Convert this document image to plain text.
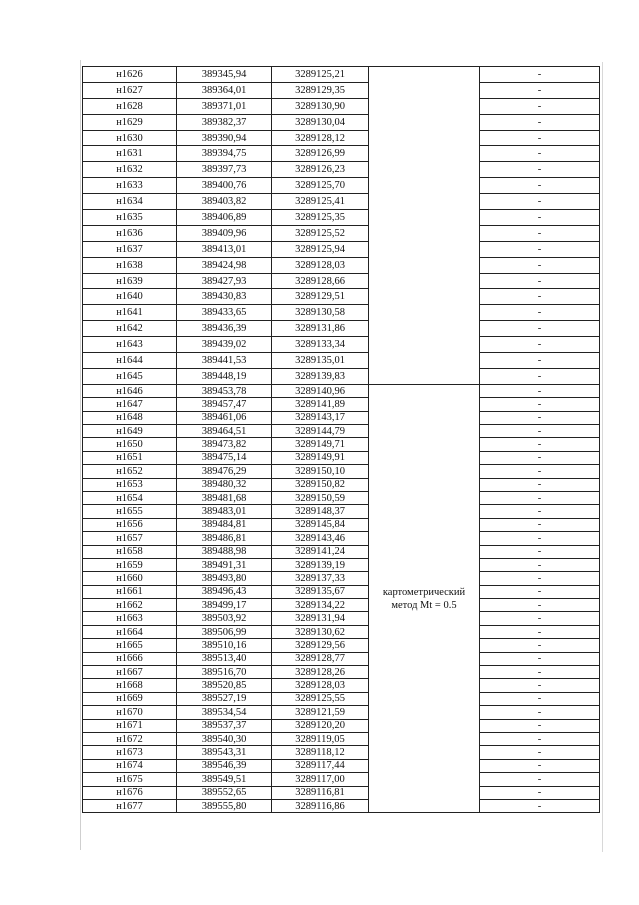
н1626	389345,94	3289125,21		-
н1627	389364,01	3289129,35		-
н1628	389371,01	3289130,90		-
н1629	389382,37	3289130,04		-
н1630	389390,94	3289128,12		-
н1631	389394,75	3289126,99		-
н1632	389397,73	3289126,23		-
н1633	389400,76	3289125,70		-
н1634	389403,82	3289125,41		-
н1635	389406,89	3289125,35		-
н1636	389409,96	3289125,52		-
н1637	389413,01	3289125,94		-
н1638	389424,98	3289128,03		-
н1639	389427,93	3289128,66		-
н1640	389430,83	3289129,51		-
н1641	389433,65	3289130,58		-
н1642	389436,39	3289131,86		-
н1643	389439,02	3289133,34		-
н1644	389441,53	3289135,01		-
н1645	389448,19	3289139,83		-
н1646	389453,78	3289140,96	картометрический
метод Mt = 0.5	-
н1647	389457,47	3289141,89		-
н1648	389461,06	3289143,17		-
н1649	389464,51	3289144,79		-
н1650	389473,82	3289149,71		-
н1651	389475,14	3289149,91		-
н1652	389476,29	3289150,10		-
н1653	389480,32	3289150,82		-
н1654	389481,68	3289150,59		-
н1655	389483,01	3289148,37		-
н1656	389484,81	3289145,84		-
н1657	389486,81	3289143,46		-
н1658	389488,98	3289141,24		-
н1659	389491,31	3289139,19		-
н1660	389493,80	3289137,33		-
н1661	389496,43	3289135,67		-
н1662	389499,17	3289134,22		-
н1663	389503,92	3289131,94		-
н1664	389506,99	3289130,62		-
н1665	389510,16	3289129,56		-
н1666	389513,40	3289128,77		-
н1667	389516,70	3289128,26		-
н1668	389520,85	3289128,03		-
н1669	389527,19	3289125,55		-
н1670	389534,54	3289121,59		-
н1671	389537,37	3289120,20		-
н1672	389540,30	3289119,05		-
н1673	389543,31	3289118,12		-
н1674	389546,39	3289117,44		-
н1675	389549,51	3289117,00		-
н1676	389552,65	3289116,81		-
н1677	389555,80	3289116,86		-
